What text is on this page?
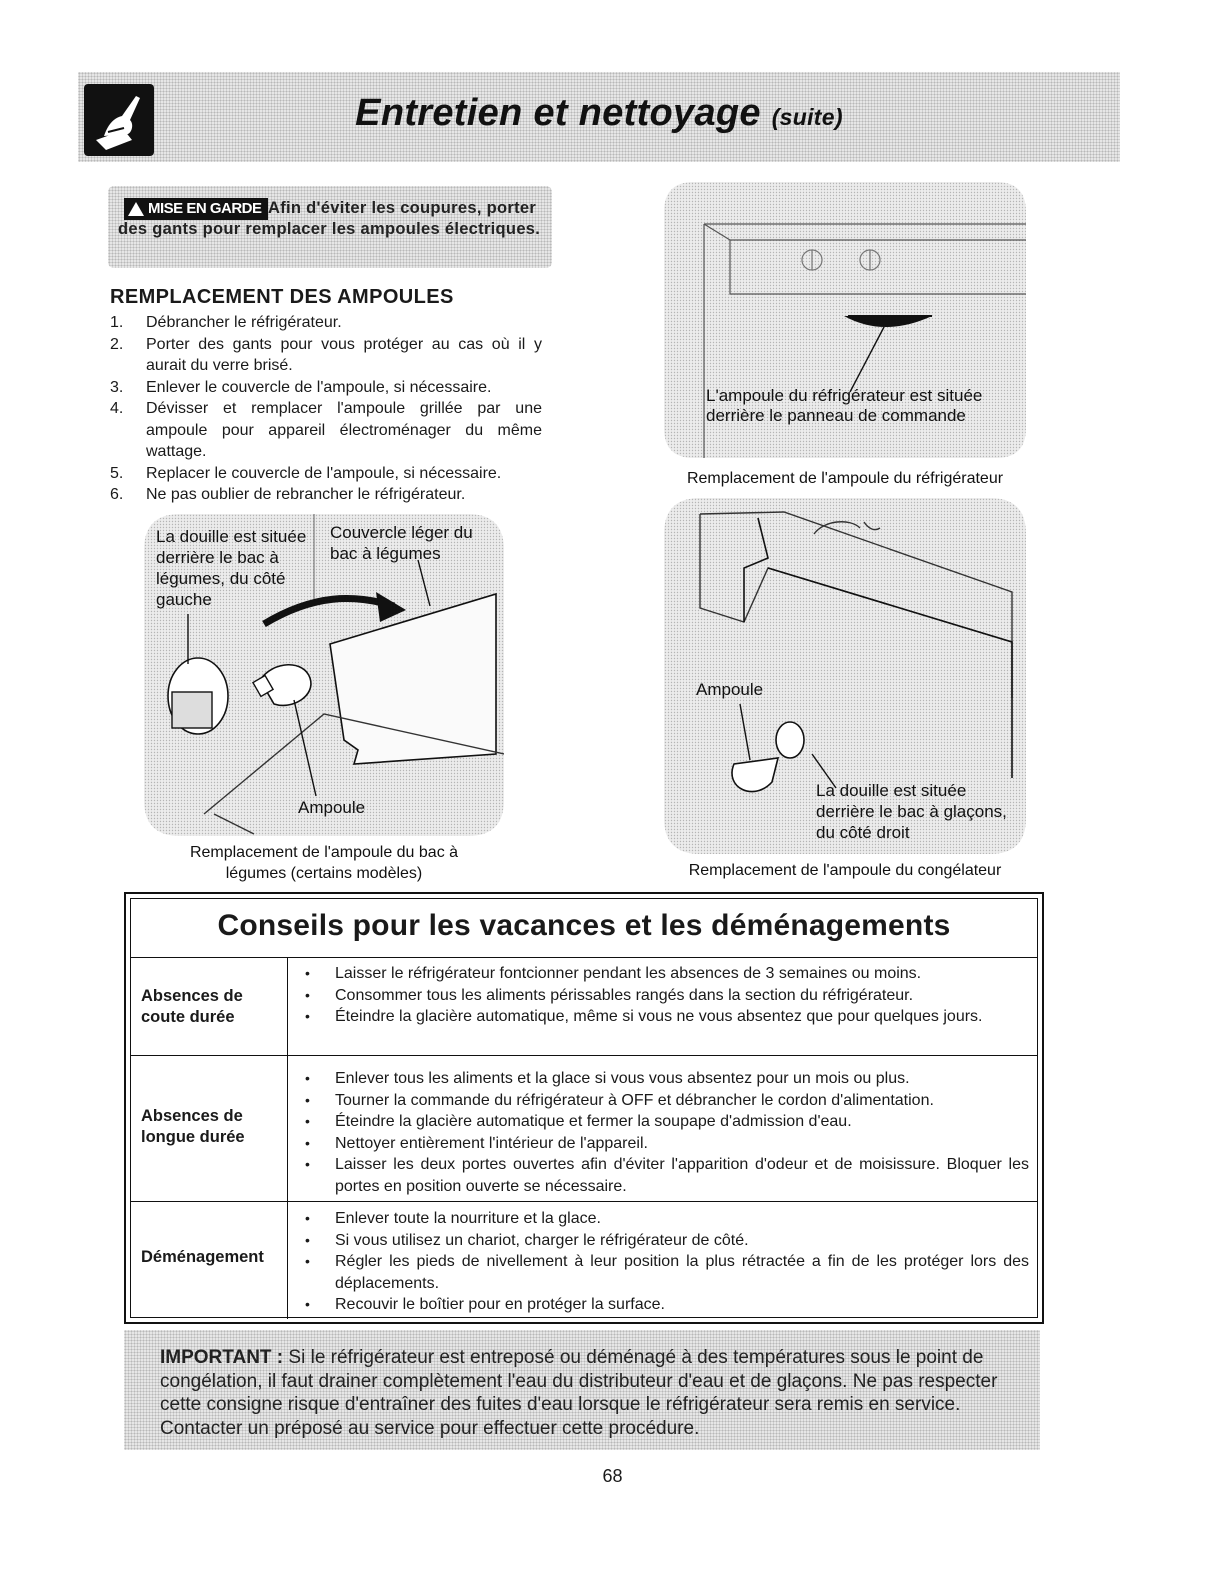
Entretien et nettoyage (suite)
Afin d'éviter les coupures, porter des gants pour remplacer les ampoules électriques.
MISE EN GARDE
REMPLACEMENT DES AMPOULES
1. Débrancher le réfrigérateur.
2. Porter des gants pour vous protéger au cas où il y aurait du verre brisé.
3. Enlever le couvercle de l'ampoule, si nécessaire.
4. Dévisser et remplacer l'ampoule grillée par une ampoule pour appareil électroménager du même wattage.
5. Replacer le couvercle de l'ampoule, si nécessaire.
6. Ne pas oublier de rebrancher le réfrigérateur.
L'ampoule du réfrigérateur est située derrière le panneau de commande
Remplacement de l'ampoule du réfrigérateur
La douille est située derrière le bac à légumes, du côté gauche
Couvercle léger du bac à légumes
Ampoule
Remplacement de l'ampoule du bac à légumes (certains modèles)
Ampoule
La douille est située derrière le bac à glaçons, du côté droit
Remplacement de l'ampoule du congélateur
Conseils pour les vacances et les déménagements
Absences de coute durée
• Laisser le réfrigérateur fontcionner pendant les absences de 3 semaines ou moins.
• Consommer tous les aliments périssables rangés dans la section du réfrigérateur.
• Éteindre la glacière automatique, même si vous ne vous absentez que pour quelques jours.
Absences de longue durée
• Enlever tous les aliments et la glace si vous vous absentez pour un mois ou plus.
• Tourner la commande du réfrigérateur à OFF et débrancher le cordon d'alimentation.
• Éteindre la glacière automatique et fermer la soupape d'admission d'eau.
• Nettoyer entièrement l'intérieur de l'appareil.
• Laisser les deux portes ouvertes afin d'éviter l'apparition d'odeur et de moisissure. Bloquer les portes en position ouverte se nécessaire.
Déménagement
• Enlever toute la nourriture et la glace.
• Si vous utilisez un chariot, charger le réfrigérateur de côté.
• Régler les pieds de nivellement à leur position la plus rétractée a fin de les protéger lors des déplacements.
• Recouvir le boîtier pour en protéger la surface.
IMPORTANT : Si le réfrigérateur est entreposé ou déménagé à des températures sous le point de congélation, il faut drainer complètement l'eau du distributeur d'eau et de glaçons. Ne pas respecter cette consigne risque d'entraîner des fuites d'eau lorsque le réfrigérateur sera remis en service. Contacter un préposé au service pour effectuer cette procédure.
68
